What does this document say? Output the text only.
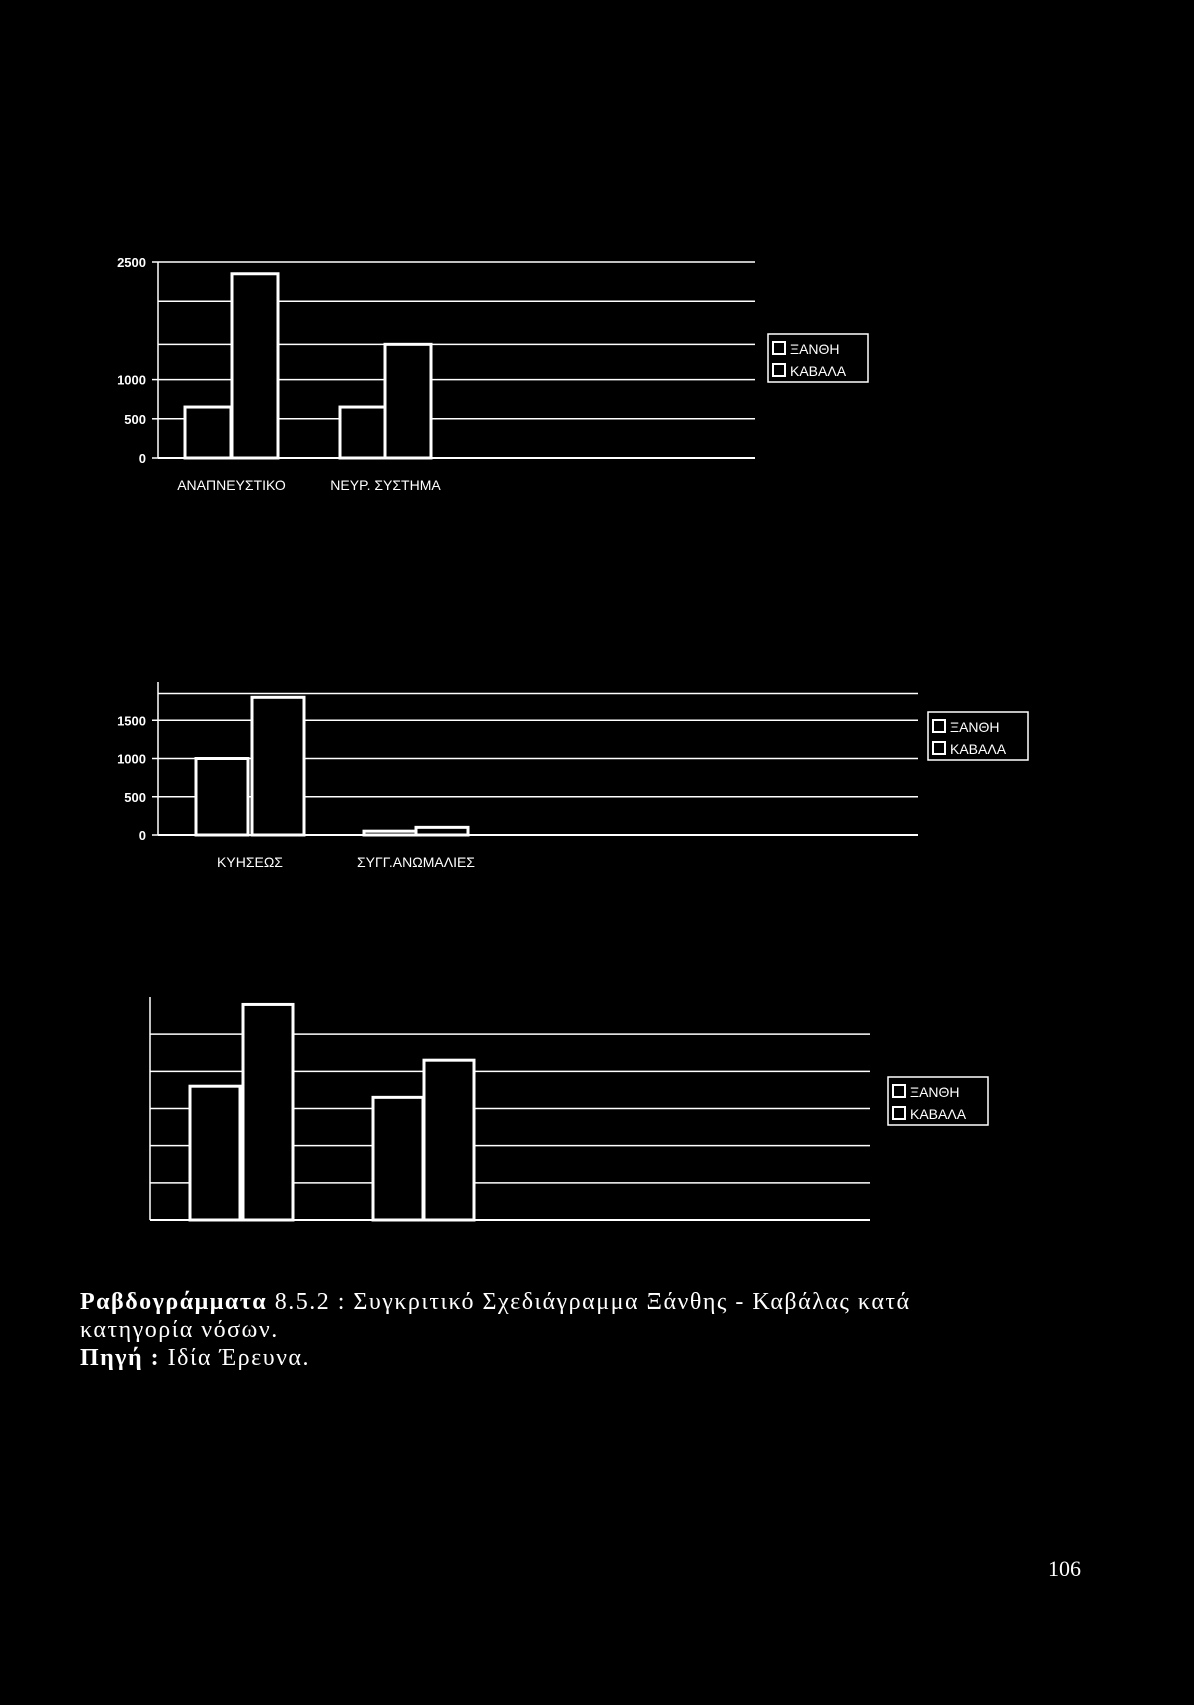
0
500
1000
2500
ΑΝΑΠΝΕΥΣΤΙΚΟ	ΝΕΥΡ. ΣΥΣΤΗΜΑ
ΞΑΝΘΗ
ΚΑΒΑΛΑ
0
500
1000
1500
ΚΥΗΣΕΩΣ	ΣΥΓΓ.ΑΝΩΜΑΛΙΕΣ
ΞΑΝΘΗ
ΚΑΒΑΛΑ
ΞΑΝΘΗ
ΚΑΒΑΛΑ
Ραβδογράμματα 8.5.2 : Συγκριτικό Σχεδιάγραμμα Ξάνθης - Καβάλας κατά
κατηγορία νόσων.
Πηγή : Ιδία Έρευνα.
106
